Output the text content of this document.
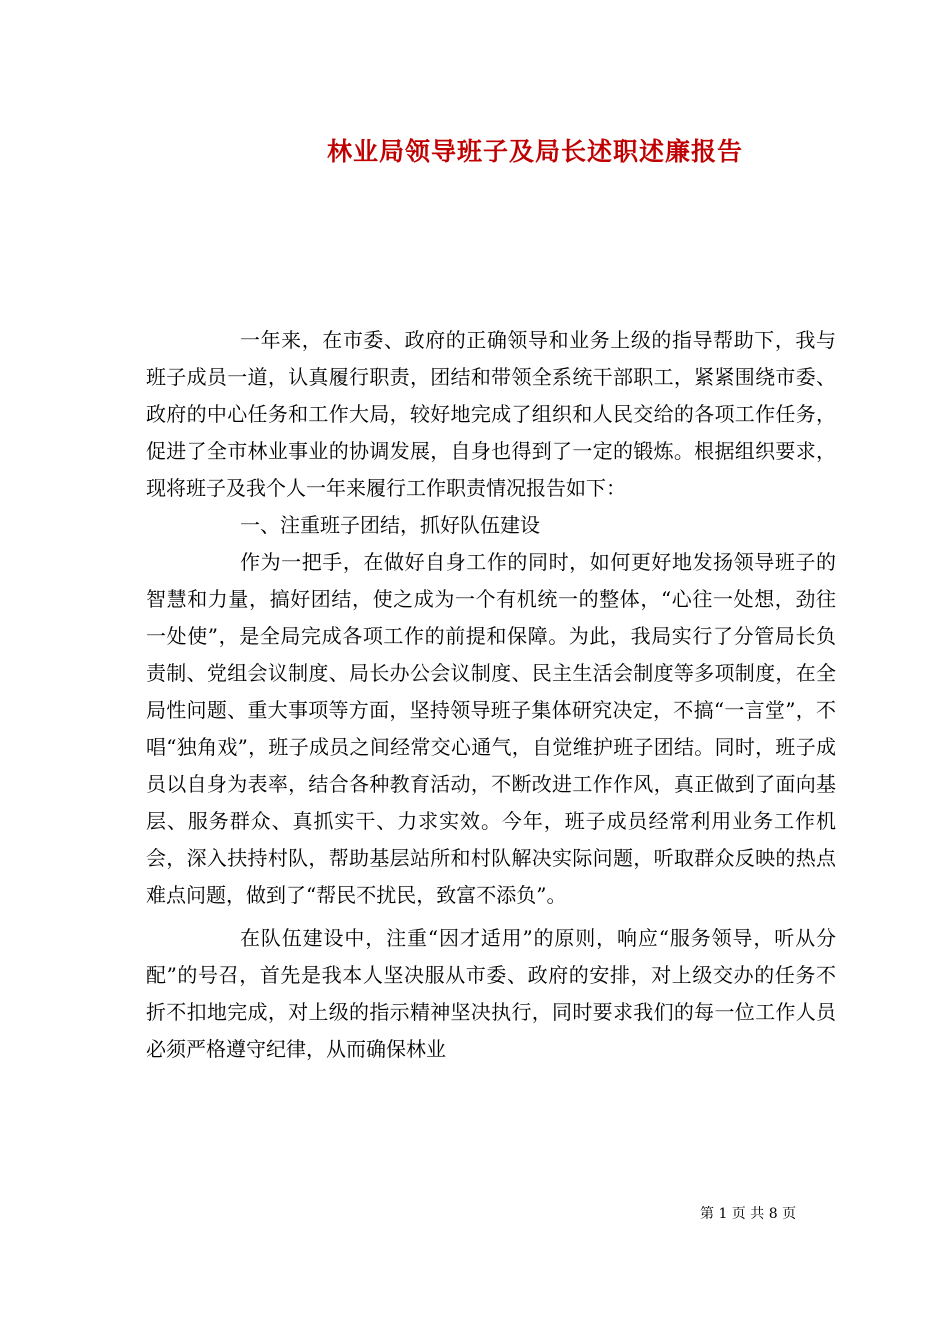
林业局领导班子及局长述职述廉报告

一年来，在市委、政府的正确领导和业务上级的指导帮助下，我与班子成员一道，认真履行职责，团结和带领全系统干部职工，紧紧围绕市委、政府的中心任务和工作大局，较好地完成了组织和人民交给的各项工作任务，促进了全市林业事业的协调发展，自身也得到了一定的锻炼。根据组织要求，现将班子及我个人一年来履行工作职责情况报告如下：

一、注重班子团结，抓好队伍建设

作为一把手，在做好自身工作的同时，如何更好地发扬领导班子的智慧和力量，搞好团结，使之成为一个有机统一的整体，“心往一处想，劲往一处使”，是全局完成各项工作的前提和保障。为此，我局实行了分管局长负责制、党组会议制度、局长办公会议制度、民主生活会制度等多项制度，在全局性问题、重大事项等方面，坚持领导班子集体研究决定，不搞“一言堂”，不唱“独角戏”，班子成员之间经常交心通气，自觉维护班子团结。同时，班子成员以自身为表率，结合各种教育活动，不断改进工作作风，真正做到了面向基层、服务群众、真抓实干、力求实效。今年，班子成员经常利用业务工作机会，深入扶持村队，帮助基层站所和村队解决实际问题，听取群众反映的热点难点问题，做到了“帮民不扰民，致富不添负”。

在队伍建设中，注重“因才适用”的原则，响应“服务领导，听从分配”的号召，首先是我本人坚决服从市委、政府的安排，对上级交办的任务不折不扣地完成，对上级的指示精神坚决执行，同时要求我们的每一位工作人员必须严格遵守纪律，从而确保林业

第 1 页 共 8 页
